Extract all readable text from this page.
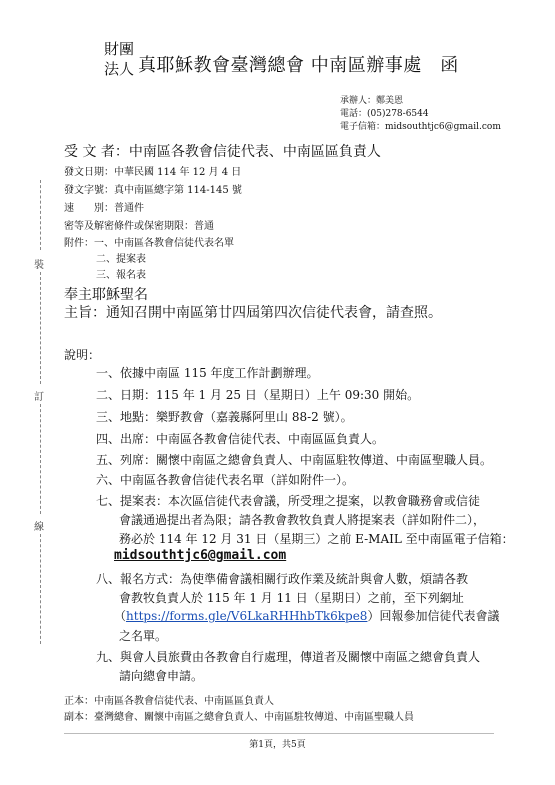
財團
法人 真耶穌教會臺灣總會 中南區辦事處　函
承辦人：鄭美恩
電話：(05)278-6544
電子信箱：midsouthtjc6@gmail.com
受 文 者：中南區各教會信徒代表、中南區區負責人
發文日期：中華民國 114 年 12 月 4 日
發文字號：真中南區總字第 114-145 號
速　　別：普通件
密等及解密條件或保密期限：普通
附件：一、中南區各教會信徒代表名單
二、提案表
三、報名表
裝
訂
線
奉主耶穌聖名
主旨：通知召開中南區第廿四屆第四次信徒代表會，請查照。
說明：
一、依據中南區 115 年度工作計劃辦理。
二、日期：115 年 1 月 25 日（星期日）上午 09:30 開始。
三、地點：樂野教會（嘉義縣阿里山 88-2 號）。
四、出席：中南區各教會信徒代表、中南區區負責人。
五、列席：關懷中南區之總會負責人、中南區駐牧傳道、中南區聖職人員。
六、中南區各教會信徒代表名單（詳如附件一）。
七、提案表：本次區信徒代表會議，所受理之提案，以教會職務會或信徒
會議通過提出者為限；請各教會教牧負責人將提案表（詳如附件二），
務必於 114 年 12 月 31 日（星期三）之前 E-MAIL 至中南區電子信箱：
midsouthtjc6@gmail.com
八、報名方式：為使準備會議相關行政作業及統計與會人數，煩請各教
會教牧負責人於 115 年 1 月 11 日（星期日）之前，至下列網址
（https://forms.gle/V6LkaRHHhbTk6kpe8）回報參加信徒代表會議
之名單。
九、與會人員旅費由各教會自行處理，傳道者及關懷中南區之總會負責人
請向總會申請。
正本：中南區各教會信徒代表、中南區區負責人
副本：臺灣總會、關懷中南區之總會負責人、中南區駐牧傳道、中南區聖職人員
第1頁，共5頁
